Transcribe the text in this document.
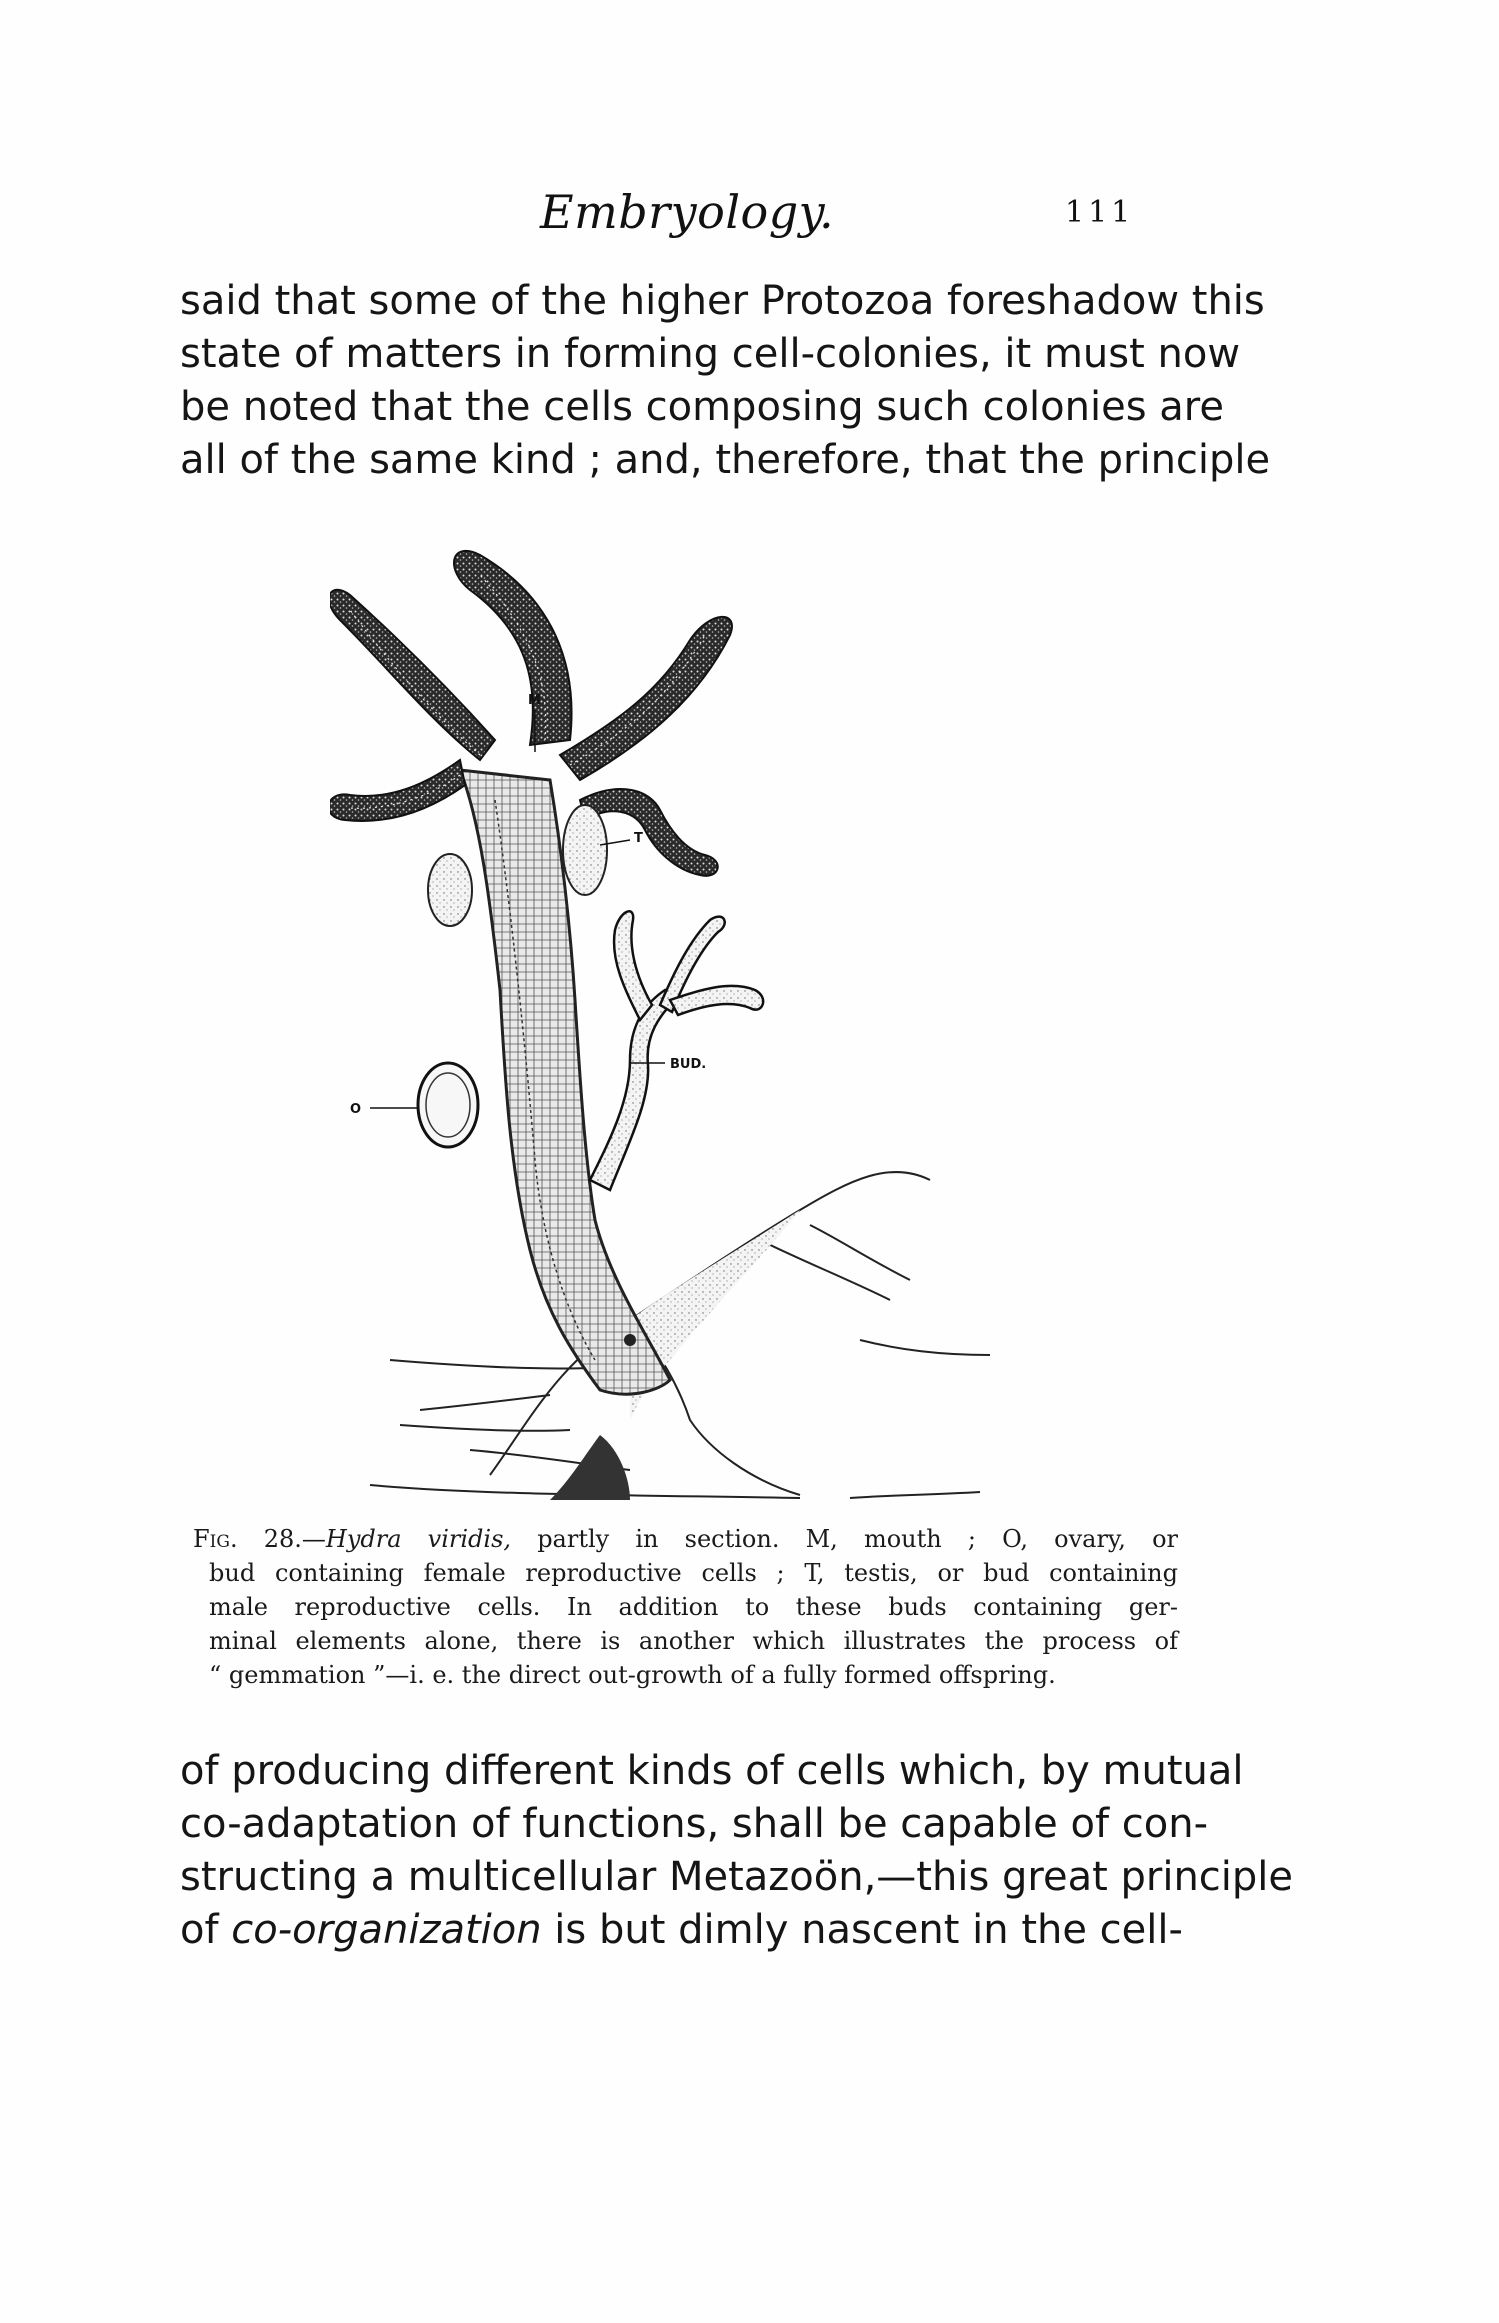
Embryology.	111
said that some of the higher Protozoa foreshadow this
state of matters in forming cell-colonies, it must now
be noted that the cells composing such colonies are
all of the same kind ; and, therefore, that the principle
M
T
BUD.
O
Fig. 28.—Hydra viridis, partly in section. M, mouth ; O, ovary, or
bud containing female reproductive cells ; T, testis, or bud containing
male reproductive cells. In addition to these buds containing ger-
minal elements alone, there is another which illustrates the process of
“ gemmation ”—i. e. the direct out-growth of a fully formed offspring.
of producing different kinds of cells which, by mutual
co-adaptation of functions, shall be capable of con-
structing a multicellular Metazoön,—this great principle
of co-organization is but dimly nascent in the cell-
